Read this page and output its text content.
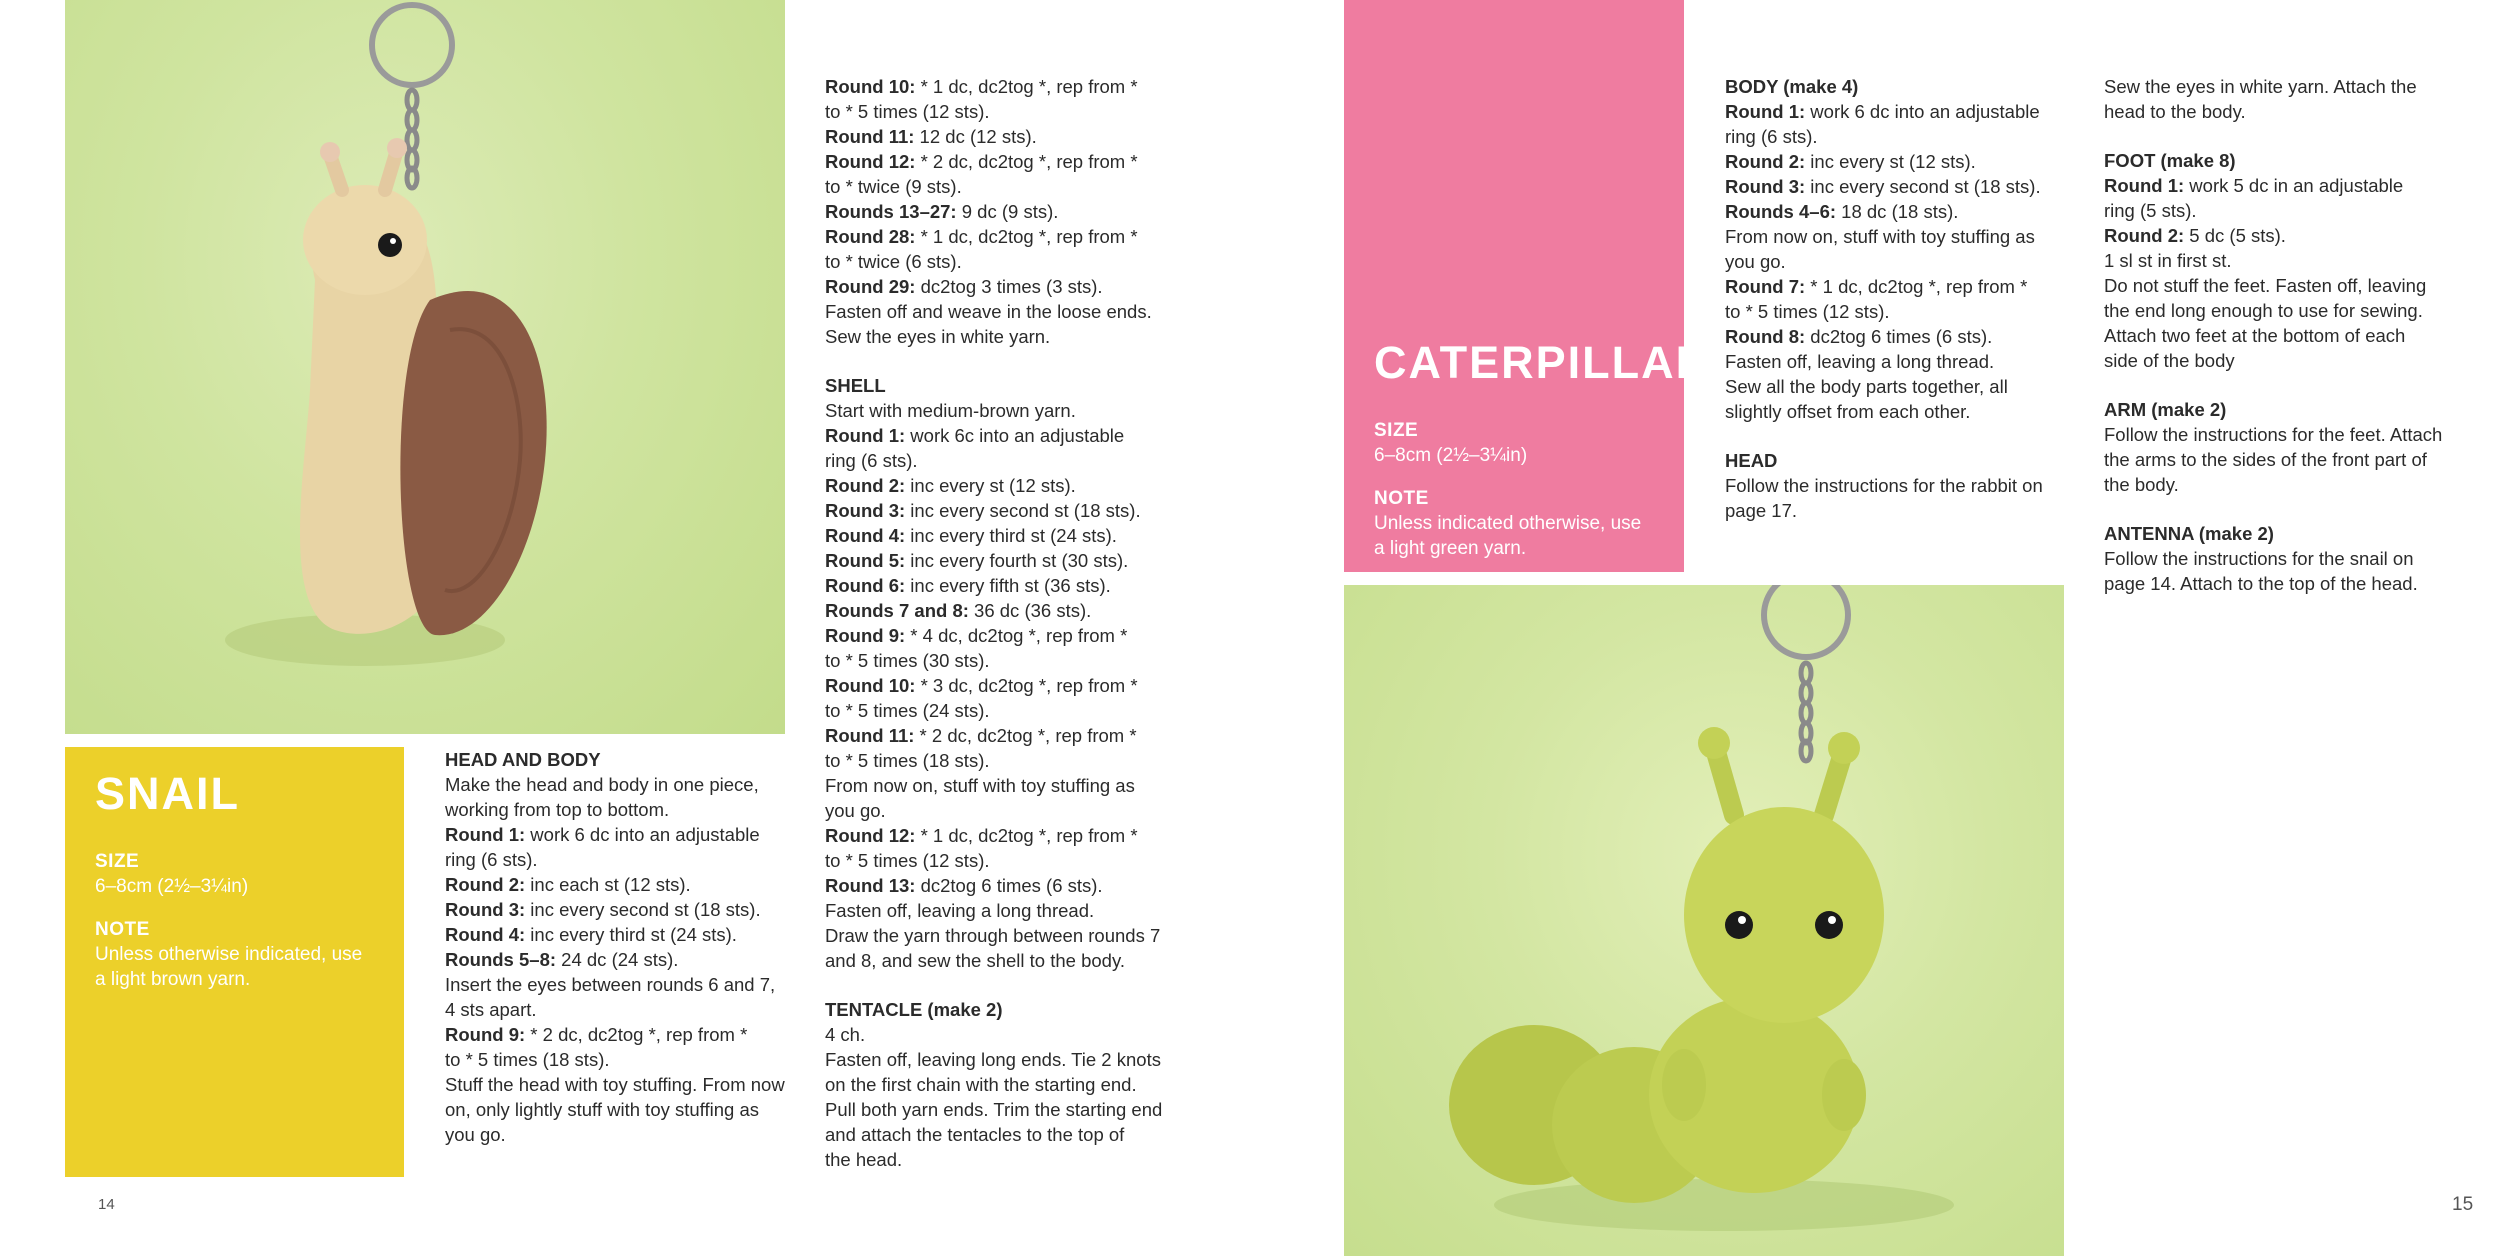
SNAIL
SIZE
6–8cm (2½–3¼in)
NOTE
Unless otherwise indicated, use a light brown yarn.
HEAD AND BODY
Make the head and body in one piece,
working from top to bottom.
Round 1: work 6 dc into an adjustable
ring (6 sts).
Round 2: inc each st (12 sts).
Round 3: inc every second st (18 sts).
Round 4: inc every third st (24 sts).
Rounds 5–8: 24 dc (24 sts).
Insert the eyes between rounds 6 and 7,
4 sts apart.
Round 9: * 2 dc, dc2tog *, rep from *
to * 5 times (18 sts).
Stuff the head with toy stuffing. From now
on, only lightly stuff with toy stuffing as
you go.
Round 10: * 1 dc, dc2tog *, rep from *
to * 5 times (12 sts).
Round 11: 12 dc (12 sts).
Round 12: * 2 dc, dc2tog *, rep from *
to * twice (9 sts).
Rounds 13–27: 9 dc (9 sts).
Round 28: * 1 dc, dc2tog *, rep from *
to * twice (6 sts).
Round 29: dc2tog 3 times (3 sts).
Fasten off and weave in the loose ends.
Sew the eyes in white yarn.
SHELL
Start with medium-brown yarn.
Round 1: work 6c into an adjustable
ring (6 sts).
Round 2: inc every st (12 sts).
Round 3: inc every second st (18 sts).
Round 4: inc every third st (24 sts).
Round 5: inc every fourth st (30 sts).
Round 6: inc every fifth st (36 sts).
Rounds 7 and 8: 36 dc (36 sts).
Round 9: * 4 dc, dc2tog *, rep from *
to * 5 times (30 sts).
Round 10: * 3 dc, dc2tog *, rep from *
to * 5 times (24 sts).
Round 11: * 2 dc, dc2tog *, rep from *
to * 5 times (18 sts).
From now on, stuff with toy stuffing as
you go.
Round 12: * 1 dc, dc2tog *, rep from *
to * 5 times (12 sts).
Round 13: dc2tog 6 times (6 sts).
Fasten off, leaving a long thread.
Draw the yarn through between rounds 7
and 8, and sew the shell to the body.
TENTACLE (make 2)
4 ch.
Fasten off, leaving long ends. Tie 2 knots
on the first chain with the starting end.
Pull both yarn ends. Trim the starting end
and attach the tentacles to the top of
the head.
BODY (make 4)
Round 1: work 6 dc into an adjustable
ring (6 sts).
Round 2: inc every st (12 sts).
Round 3: inc every second st (18 sts).
Rounds 4–6: 18 dc (18 sts).
From now on, stuff with toy stuffing as
you go.
Round 7: * 1 dc, dc2tog *, rep from *
to * 5 times (12 sts).
Round 8: dc2tog 6 times (6 sts).
Fasten off, leaving a long thread.
Sew all the body parts together, all
slightly offset from each other.
HEAD
Follow the instructions for the rabbit on
page 17.
Sew the eyes in white yarn. Attach the
head to the body.
FOOT (make 8)
Round 1: work 5 dc in an adjustable
ring (5 sts).
Round 2: 5 dc (5 sts).
1 sl st in first st.
Do not stuff the feet. Fasten off, leaving
the end long enough to use for sewing.
Attach two feet at the bottom of each
side of the body
ARM (make 2)
Follow the instructions for the feet. Attach
the arms to the sides of the front part of
the body.
ANTENNA (make 2)
Follow the instructions for the snail on
page 14. Attach to the top of the head.
CATERPILLAR
SIZE
6–8cm (2½–3¼in)
NOTE
Unless indicated otherwise, use a light green yarn.
14	15
